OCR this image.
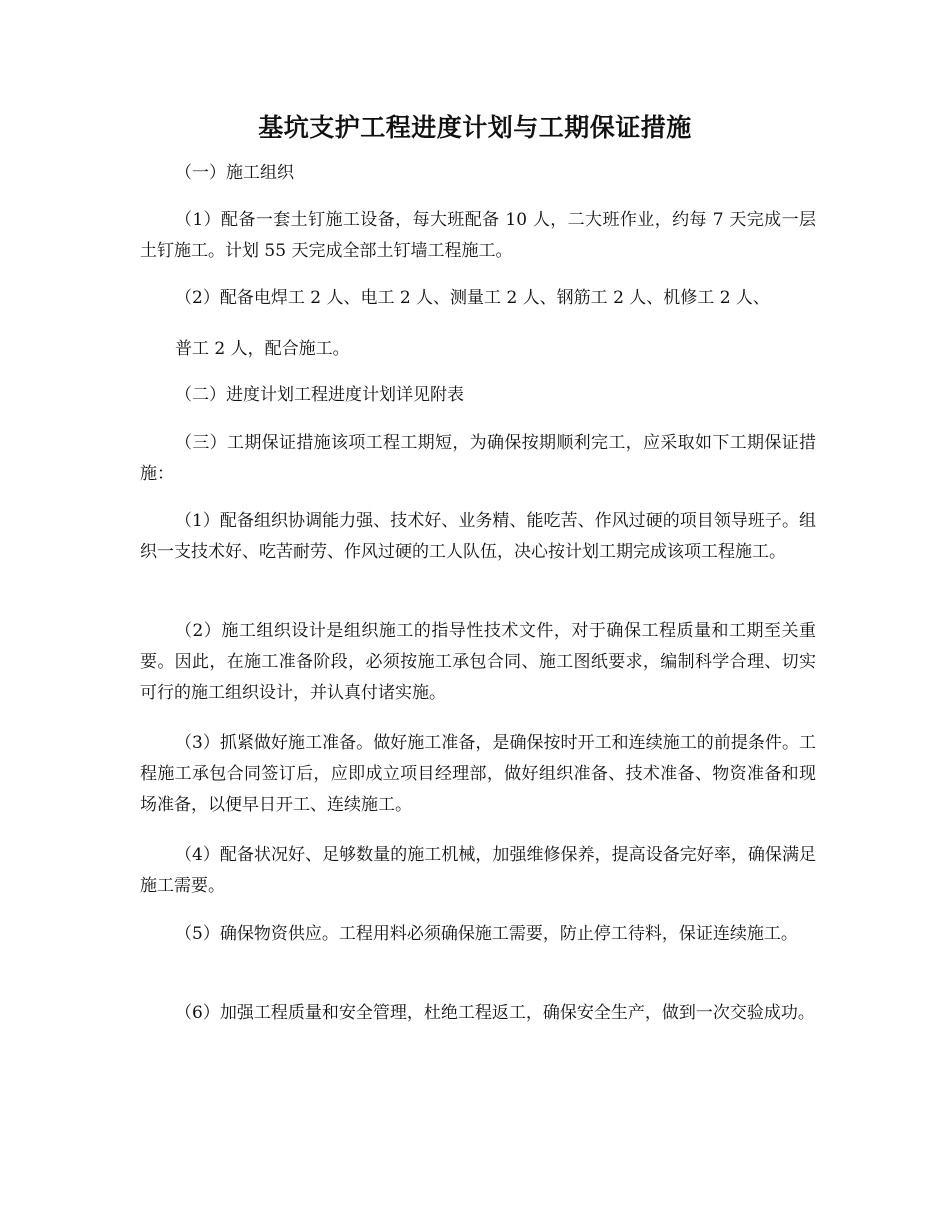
基坑支护工程进度计划与工期保证措施
（一）施工组织
（1）配备一套土钉施工设备，每大班配备 10 人，二大班作业，约每 7 天完成一层土钉施工。计划 55 天完成全部土钉墙工程施工。
（2）配备电焊工 2 人、电工 2 人、测量工 2 人、钢筋工 2 人、机修工 2 人、
普工 2 人，配合施工。
（二）进度计划工程进度计划详见附表
（三）工期保证措施该项工程工期短，为确保按期顺利完工，应采取如下工期保证措施：
（1）配备组织协调能力强、技术好、业务精、能吃苦、作风过硬的项目领导班子。组织一支技术好、吃苦耐劳、作风过硬的工人队伍，决心按计划工期完成该项工程施工。
（2）施工组织设计是组织施工的指导性技术文件，对于确保工程质量和工期至关重要。因此，在施工准备阶段，必须按施工承包合同、施工图纸要求，编制科学合理、切实可行的施工组织设计，并认真付诸实施。
（3）抓紧做好施工准备。做好施工准备，是确保按时开工和连续施工的前提条件。工程施工承包合同签订后，应即成立项目经理部，做好组织准备、技术准备、物资准备和现场准备，以便早日开工、连续施工。
（4）配备状况好、足够数量的施工机械，加强维修保养，提高设备完好率，确保满足施工需要。
（5）确保物资供应。工程用料必须确保施工需要，防止停工待料，保证连续施工。
（6）加强工程质量和安全管理，杜绝工程返工，确保安全生产，做到一次交验成功。
